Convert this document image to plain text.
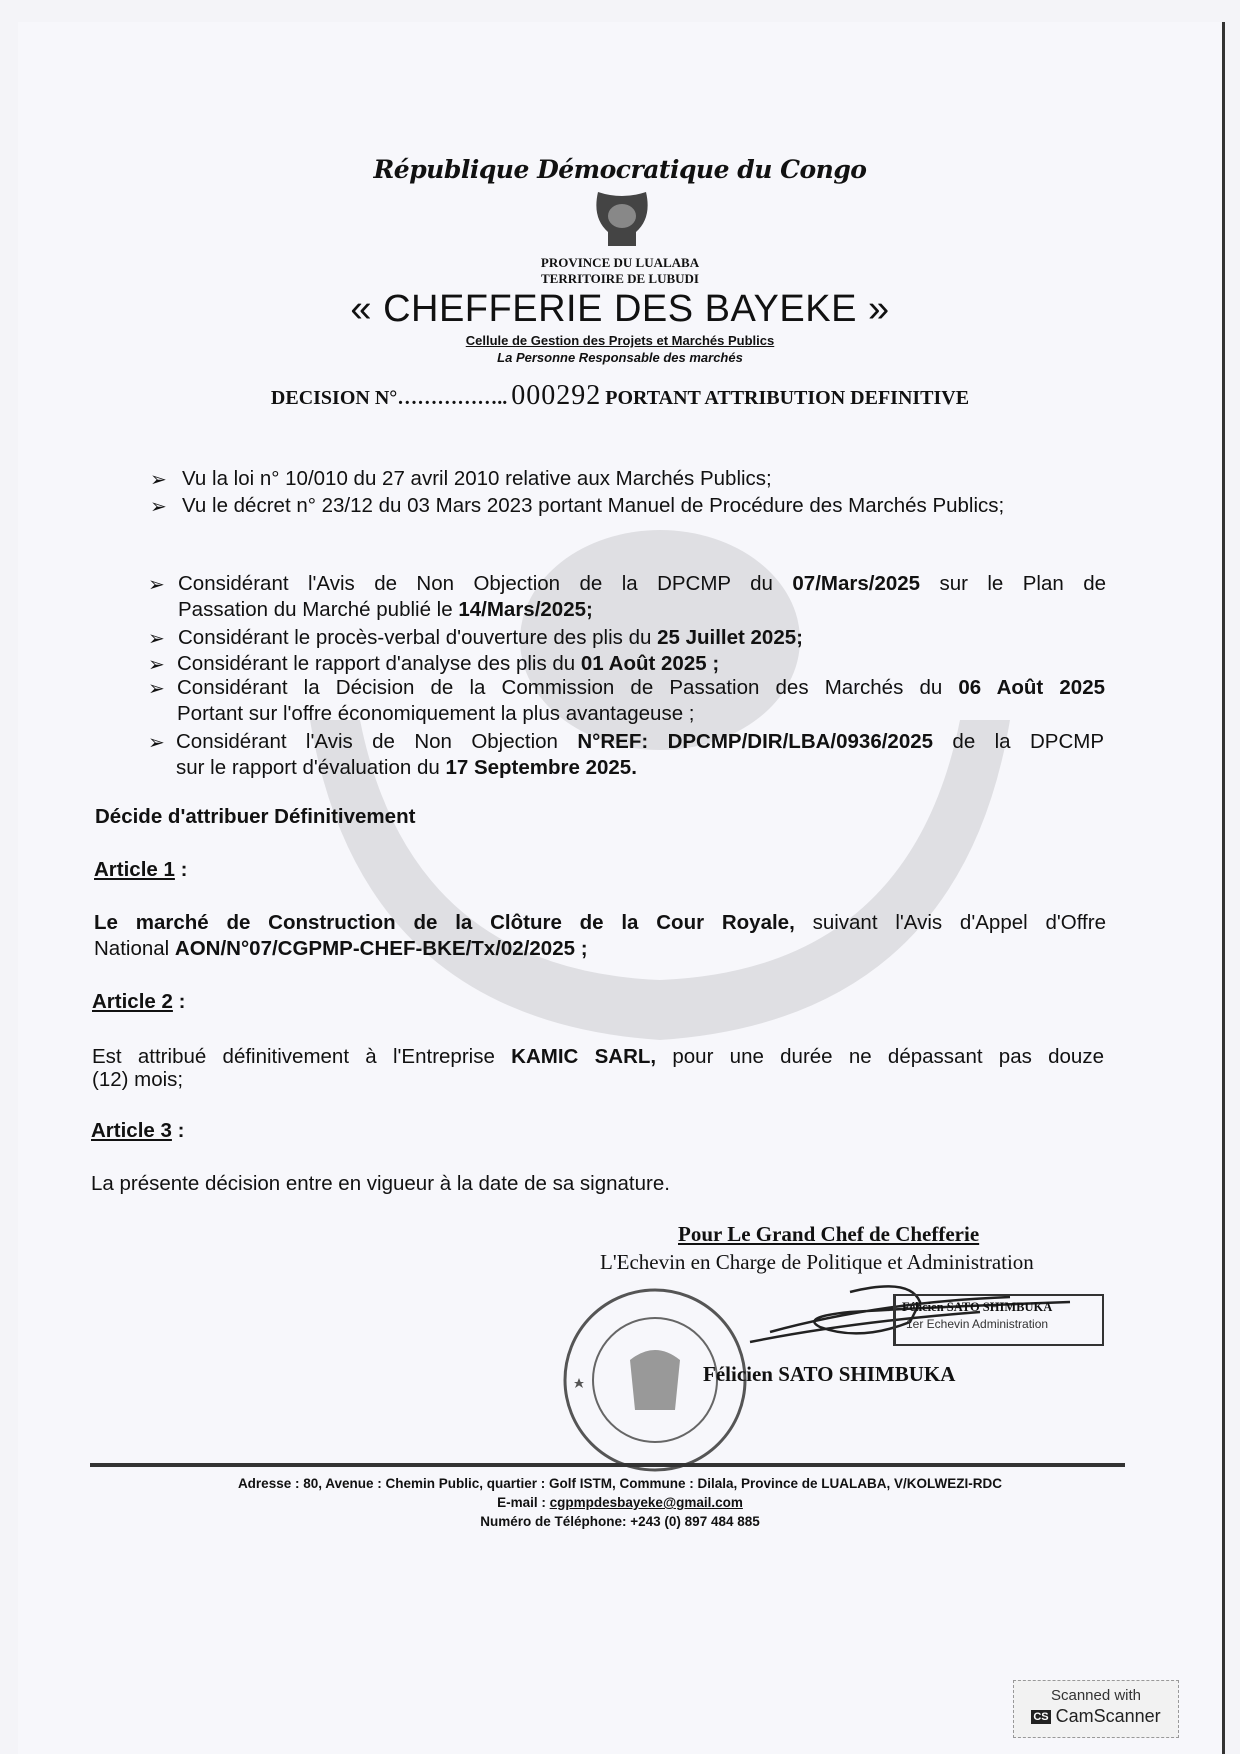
République Démocratique du Congo
PROVINCE DU LUALABA
TERRITOIRE DE LUBUDI
« CHEFFERIE DES BAYEKE »
Cellule de Gestion des Projets et Marchés Publics
La Personne Responsable des marchés
DECISION N°…………….. 000292 PORTANT ATTRIBUTION DEFINITIVE
➢ Vu la loi n° 10/010 du 27 avril 2010 relative aux Marchés Publics;
➢ Vu le décret n° 23/12 du 03 Mars 2023 portant Manuel de Procédure des Marchés Publics;
➢ Considérant l'Avis de Non Objection de la DPCMP du 07/Mars/2025 sur le Plan de
Passation du Marché publié le 14/Mars/2025;
➢ Considérant le procès-verbal d'ouverture des plis du 25 Juillet 2025;
➢ Considérant le rapport d'analyse des plis du 01 Août 2025 ;
➢ Considérant la Décision de la Commission de Passation des Marchés du 06 Août 2025
Portant sur l'offre économiquement la plus avantageuse ;
➢ Considérant l'Avis de Non Objection N°REF: DPCMP/DIR/LBA/0936/2025 de la DPCMP
sur le rapport d'évaluation du 17 Septembre 2025.
Décide d'attribuer Définitivement
Article 1 :
Le marché de Construction de la Clôture de la Cour Royale, suivant l'Avis d'Appel d'Offre
National AON/N°07/CGPMP-CHEF-BKE/Tx/02/2025 ;
Article 2 :
Est attribué définitivement à l'Entreprise KAMIC SARL, pour une durée ne dépassant pas douze
(12) mois;
Article 3 :
La présente décision entre en vigueur à la date de sa signature.
Pour Le Grand Chef de Chefferie
L'Echevin en Charge de Politique et Administration
Félicien SATO SHIMBUKA
1er Echevin Administration
Félicien SATO SHIMBUKA
Adresse : 80, Avenue : Chemin Public, quartier : Golf ISTM, Commune : Dilala, Province de LUALABA, V/KOLWEZI-RDC
E-mail : cgpmpdesbayeke@gmail.com
Numéro de Téléphone: +243 (0) 897 484 885
Scanned with
CS CamScanner
